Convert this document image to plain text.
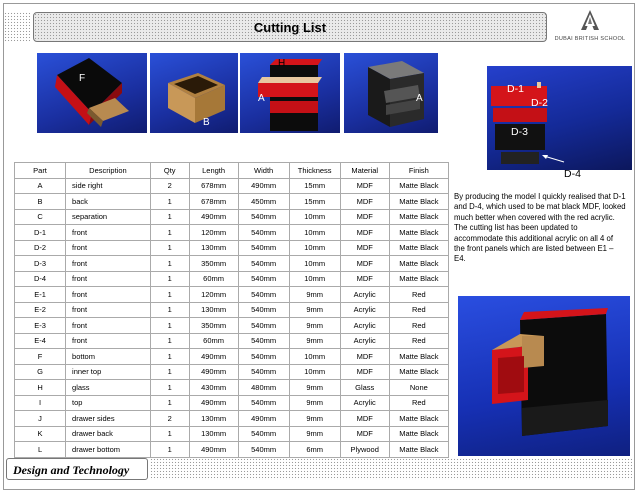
Cutting List
DUBAI BRITISH SCHOOL
F
B
H
A	A
D-1
D-2
D-3
D-4
Part	Description	Qty	Length	Width	Thickness	Material	Finish
A	side right	2	678mm	490mm	15mm	MDF	Matte Black
B	back	1	678mm	450mm	15mm	MDF	Matte Black
C	separation	1	490mm	540mm	10mm	MDF	Matte Black
D-1	front	1	120mm	540mm	10mm	MDF	Matte Black
D-2	front	1	130mm	540mm	10mm	MDF	Matte Black
D-3	front	1	350mm	540mm	10mm	MDF	Matte Black
D-4	front	1	60mm	540mm	10mm	MDF	Matte Black
E-1	front	1	120mm	540mm	9mm	Acrylic	Red
E-2	front	1	130mm	540mm	9mm	Acrylic	Red
E-3	front	1	350mm	540mm	9mm	Acrylic	Red
E-4	front	1	60mm	540mm	9mm	Acrylic	Red
F	bottom	1	490mm	540mm	10mm	MDF	Matte Black
G	inner top	1	490mm	540mm	10mm	MDF	Matte Black
H	glass	1	430mm	480mm	9mm	Glass	None
I	top	1	490mm	540mm	9mm	Acrylic	Red
J	drawer sides	2	130mm	490mm	9mm	MDF	Matte Black
K	drawer back	1	130mm	540mm	9mm	MDF	Matte Black
L	drawer bottom	1	490mm	540mm	6mm	Plywood	Matte Black
By producing the model I quickly realised that D-1 and D-4, which used to be mat black MDF, looked much better when covered with the red acrylic. The cutting list has been updated to accommodate this additional acrylic on all 4 of the front panels which are listed between E1 – E4.
Design and Technology
